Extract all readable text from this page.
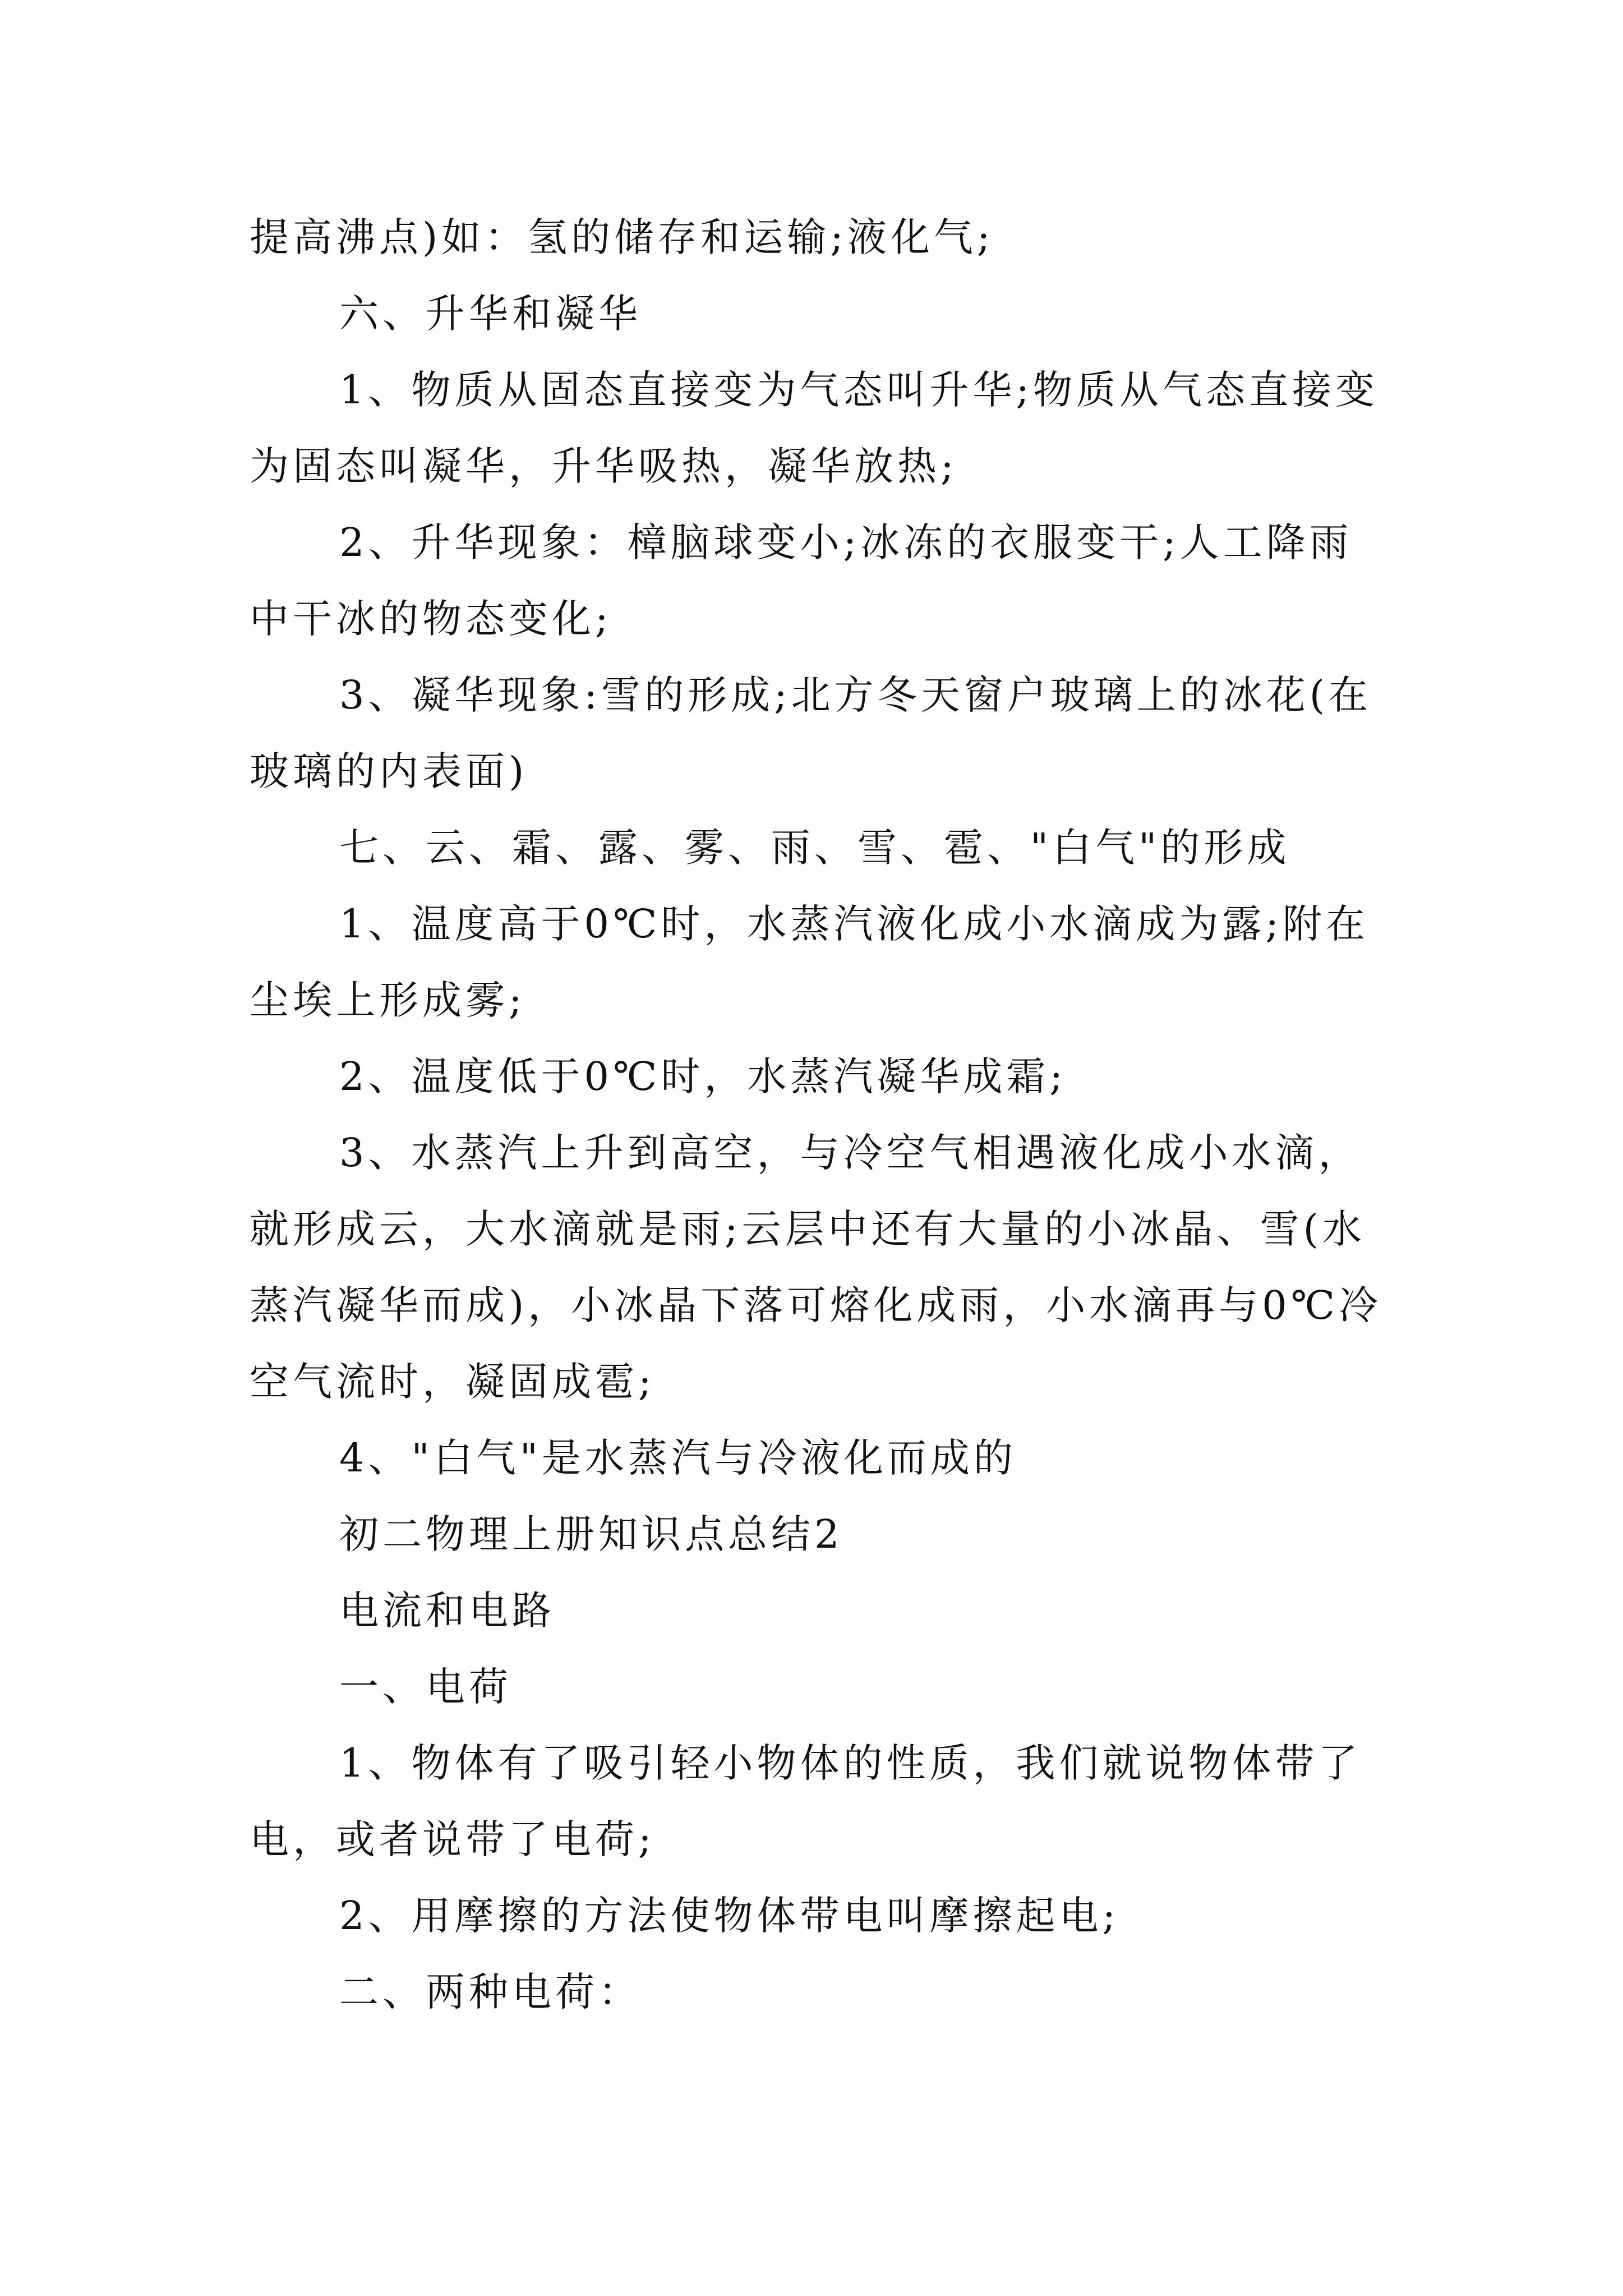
提高沸点)如：氢的储存和运输;液化气;

六、升华和凝华

1、物质从固态直接变为气态叫升华;物质从气态直接变为固态叫凝华，升华吸热，凝华放热;

2、升华现象：樟脑球变小;冰冻的衣服变干;人工降雨中干冰的物态变化;

3、凝华现象:雪的形成;北方冬天窗户玻璃上的冰花(在玻璃的内表面)

七、云、霜、露、雾、雨、雪、雹、"白气"的形成

1、温度高于0℃时，水蒸汽液化成小水滴成为露;附在尘埃上形成雾;

2、温度低于0℃时，水蒸汽凝华成霜;

3、水蒸汽上升到高空，与冷空气相遇液化成小水滴，就形成云，大水滴就是雨;云层中还有大量的小冰晶、雪(水蒸汽凝华而成)，小冰晶下落可熔化成雨，小水滴再与0℃冷空气流时，凝固成雹;

4、"白气"是水蒸汽与冷液化而成的

初二物理上册知识点总结2

电流和电路

一、电荷

1、物体有了吸引轻小物体的性质，我们就说物体带了电，或者说带了电荷;

2、用摩擦的方法使物体带电叫摩擦起电;

二、两种电荷：
